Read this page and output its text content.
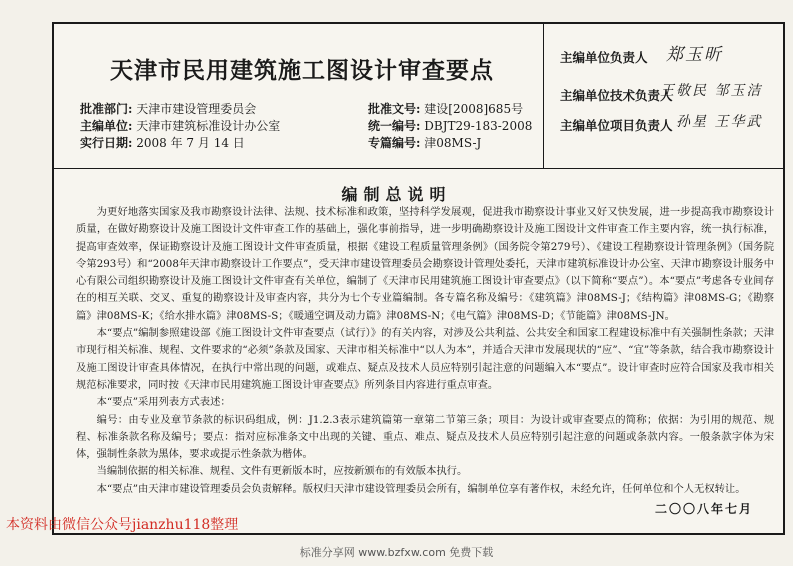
天津市民用建筑施工图设计审查要点
批准部门: 天津市建设管理委员会
主编单位: 天津市建筑标准设计办公室
实行日期: 2008 年 7 月 14 日
批准文号: 建设[2008]685号
统一编号: DBJT29-183-2008
专篇编号: 津08MS-J
主编单位负责人 郑玉昕
主编单位技术负责人
王敬民 邹玉洁
主编单位项目负责人 孙星 王华武
编制总说明

为更好地落实国家及我市勘察设计法律、法规、技术标准和政策，坚持科学发展观，促进我市勘察设计事业又好又快发展，进一步提高我市勘察设计质量，在做好勘察设计及施工图设计文件审查工作的基础上，强化事前指导，进一步明确勘察设计及施工图设计文件审查工作主要内容，统一执行标准，提高审查效率，保证勘察设计及施工图设计文件审查质量，根据《建设工程质量管理条例》（国务院令第279号）、《建设工程勘察设计管理条例》（国务院令第293号）和“2008年天津市勘察设计工作要点”，受天津市建设管理委员会勘察设计管理处委托，天津市建筑标准设计办公室、天津市勘察设计服务中心有限公司组织勘察设计及施工图设计文件审查有关单位，编制了《天津市民用建筑施工图设计审查要点》（以下简称“要点”）。本“要点”考虑各专业间存在的相互关联、交叉、重复的勘察设计及审查内容，共分为七个专业篇编制。各专篇名称及编号：《建筑篇》津08MS-J；《结构篇》津08MS-G；《勘察篇》津08MS-K；《给水排水篇》津08MS-S；《暖通空调及动力篇》津08MS-N；《电气篇》津08MS-D；《节能篇》津08MS-JN。

本“要点”编制参照建设部《施工图设计文件审查要点（试行）》的有关内容，对涉及公共利益、公共安全和国家工程建设标准中有关强制性条款；天津市现行相关标准、规程、文件要求的“必须”条款及国家、天津市相关标准中“以人为本”，并适合天津市发展现状的“应”、“宜”等条款，结合我市勘察设计及施工图设计审查具体情况，在执行中常出现的问题，或难点、疑点及技术人员应特别引起注意的问题编入本“要点”。设计审查时应符合国家及我市相关规范标准要求，同时按《天津市民用建筑施工图设计审查要点》所列条目内容进行重点审查。

本“要点”采用列表方式表述：

编号：由专业及章节条款的标识码组成，例：J1.2.3表示建筑篇第一章第二节第三条；项目：为设计或审查要点的简称；依据：为引用的规范、规程、标准条款名称及编号；要点：指对应标准条文中出现的关键、重点、难点、疑点及技术人员应特别引起注意的问题或条款内容。一般条款字体为宋体，强制性条款为黑体，要求或提示性条款为楷体。

当编制依据的相关标准、规程、文件有更新版本时，应按新颁布的有效版本执行。

本“要点”由天津市建设管理委员会负责解释。版权归天津市建设管理委员会所有，编制单位享有著作权，未经允许，任何单位和个人无权转让。

二〇〇八年七月
本资料由微信公众号jianzhu118整理
标准分享网 www.bzfxw.com 免费下载
